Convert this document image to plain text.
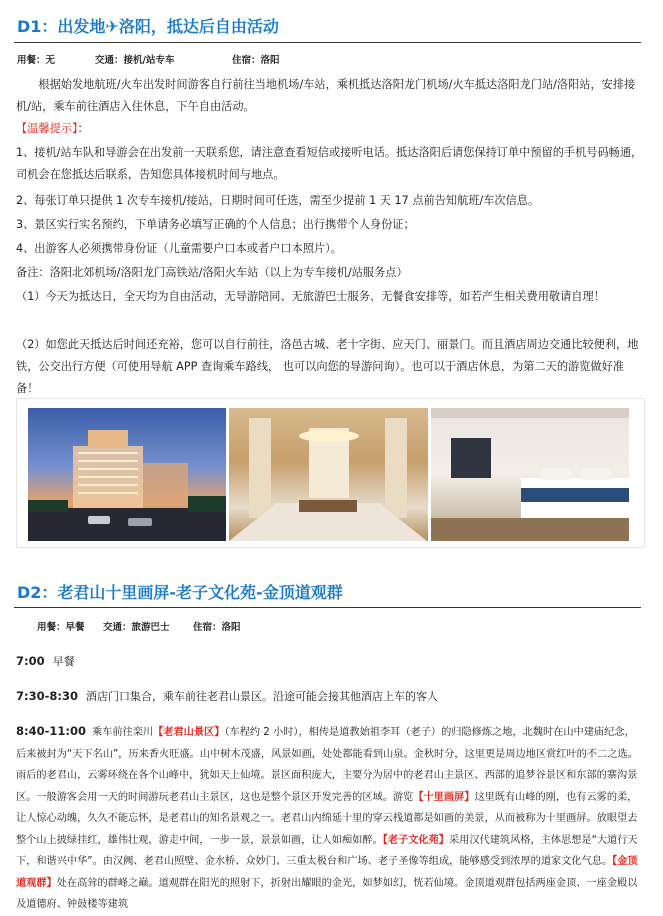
D1：出发地✈洛阳，抵达后自由活动
用餐：无	交通：接机/站专车	住宿：洛阳
根据始发地航班/火车出发时间游客自行前往当地机场/车站，乘机抵达洛阳龙门机场/火车抵达洛阳龙门站/洛阳站，安排接机/站，乘车前往酒店入住休息，下午自由活动。
【温馨提示】：
1、接机/站车队和导游会在出发前一天联系您，请注意查看短信或接听电话。抵达洛阳后请您保持订单中预留的手机号码畅通，司机会在您抵达后联系，告知您具体接机时间与地点。
2、每张订单只提供 1 次专车接机/接站，日期时间可任选，需至少提前 1 天 17 点前告知航班/车次信息。
3、景区实行实名预约，下单请务必填写正确的个人信息；出行携带个人身份证；
4、出游客人必须携带身份证（儿童需要户口本或者户口本照片）。
备注：洛阳北郊机场/洛阳龙门高铁站/洛阳火车站（以上为专车接机/站服务点）
（1）今天为抵达日，全天均为自由活动，无导游陪同、无旅游巴士服务、无餐食安排等，如若产生相关费用敬请自理！
（2）如您此天抵达后时间还充裕，您可以自行前往，洛邑古城、老十字街、应天门、丽景门。而且酒店周边交通比较便利，地铁，公交出行方便（可使用导航 APP 查询乘车路线， 也可以向您的导游问询）。也可以于酒店休息，为第二天的游览做好准备！
D2：老君山十里画屏-老子文化苑-金顶道观群
用餐：早餐 交通：旅游巴士 住宿：洛阳
7:00 早餐
7:30-8:30 酒店门口集合，乘车前往老君山景区。沿途可能会接其他酒店上车的客人
8:40-11:00 乘车前往栾川【老君山景区】（车程约 2 小时），相传是道教始祖李耳（老子）的归隐修炼之地，北魏时在山中建庙纪念，后来被封为“天下名山”，历来香火旺盛。山中树木茂盛，风景如画，处处都能看到山泉。金秋时分，这里更是周边地区赏红叶的不二之选。雨后的老君山，云雾环绕在各个山峰中，犹如天上仙境。景区面积庞大，主要分为居中的老君山主景区、西部的追梦谷景区和东部的寨沟景区。一般游客会用一天的时间游玩老君山主景区，这也是整个景区开发完善的区域。游览【十里画屏】这里既有山峰的刚，也有云雾的柔，让人惊心动魄，久久不能忘怀，是老君山的知名景观之一。老君山内绵延十里的穿云栈道都是如画的美景，从而被称为十里画屏。放眼望去整个山上披绿挂红，雄伟壮观，游走中间，一步一景，景景如画，让人如痴如醉。【老子文化苑】采用汉代建筑风格，主体思想是“大道行天下，和谐兴中华”。由汉阙、老君山照壁、金水桥、众妙门、三重太极台和广场、老子圣像等组成，能够感受到浓厚的道家文化气息。【金顶道观群】处在高耸的群峰之巅。道观群在阳光的照射下，折射出耀眼的金光，如梦如幻，恍若仙境。金顶道观群包括两座金顶、一座金殿以及道德府、钟鼓楼等建筑
